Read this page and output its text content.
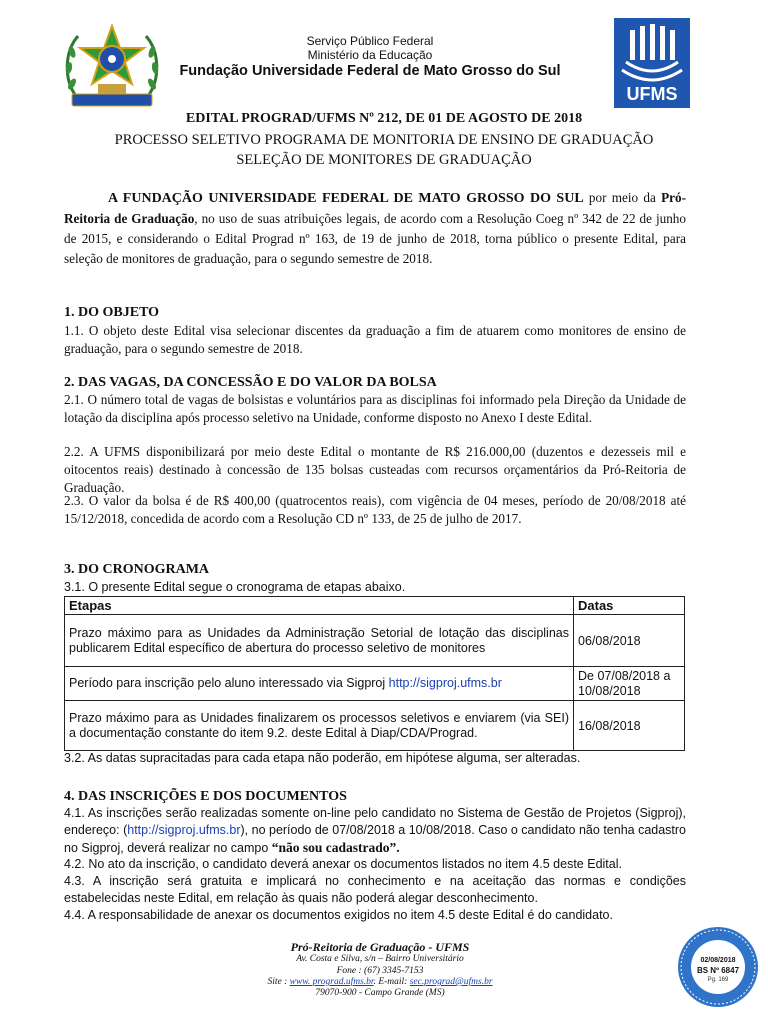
UFMS
Serviço Público Federal
Ministério da Educação
Fundação Universidade Federal de Mato Grosso do Sul
EDITAL PROGRAD/UFMS Nº 212, DE 01 DE AGOSTO DE 2018
PROCESSO SELETIVO PROGRAMA DE MONITORIA DE ENSINO DE GRADUAÇÃO
SELEÇÃO DE MONITORES DE GRADUAÇÃO

A FUNDAÇÃO UNIVERSIDADE FEDERAL DE MATO GROSSO DO SUL por meio da Pró-Reitoria de Graduação, no uso de suas atribuições legais, de acordo com a Resolução Coeg nº 342 de 22 de junho de 2015, e considerando o Edital Prograd nº 163, de 19 de junho de 2018, torna público o presente Edital, para seleção de monitores de graduação, para o segundo semestre de 2018.

1. DO OBJETO

1.1. O objeto deste Edital visa selecionar discentes da graduação a fim de atuarem como monitores de ensino de graduação, para o segundo semestre de 2018.

2. DAS VAGAS, DA CONCESSÃO E DO VALOR DA BOLSA

2.1. O número total de vagas de bolsistas e voluntários para as disciplinas foi informado pela Direção da Unidade de lotação da disciplina após processo seletivo na Unidade, conforme disposto no Anexo I deste Edital.

2.2. A UFMS disponibilizará por meio deste Edital o montante de R$ 216.000,00 (duzentos e dezesseis mil e oitocentos reais) destinado à concessão de 135 bolsas custeadas com recursos orçamentários da Pró-Reitoria de Graduação.

2.3. O valor da bolsa é de R$ 400,00 (quatrocentos reais), com vigência de 04 meses, período de 20/08/2018 até 15/12/2018, concedida de acordo com a Resolução CD nº 133, de 25 de julho de 2017.

3. DO CRONOGRAMA

3.1. O presente Edital segue o cronograma de etapas abaixo.

Etapas	Datas
Prazo máximo para as Unidades da Administração Setorial de lotação das disciplinas publicarem Edital específico de abertura do processo seletivo de monitores	06/08/2018
Período para inscrição pelo aluno interessado via Sigproj http://sigproj.ufms.br	De 07/08/2018 a 10/08/2018
Prazo máximo para as Unidades finalizarem os processos seletivos e enviarem (via SEI) a documentação constante do item 9.2. deste Edital à Diap/CDA/Prograd.	16/08/2018

3.2. As datas supracitadas para cada etapa não poderão, em hipótese alguma, ser alteradas.

4. DAS INSCRIÇÕES E DOS DOCUMENTOS

4.1. As inscrições serão realizadas somente on-line pelo candidato no Sistema de Gestão de Projetos (Sigproj), endereço: (http://sigproj.ufms.br), no período de 07/08/2018 a 10/08/2018. Caso o candidato não tenha cadastro no Sigproj, deverá realizar no campo “não sou cadastrado”.

4.2. No ato da inscrição, o candidato deverá anexar os documentos listados no item 4.5 deste Edital.

4.3. A inscrição será gratuita e implicará no conhecimento e na aceitação das normas e condições estabelecidas neste Edital, em relação às quais não poderá alegar desconhecimento.

4.4. A responsabilidade de anexar os documentos exigidos no item 4.5 deste Edital é do candidato.

Pró-Reitoria de Graduação - UFMS
Av. Costa e Silva, s/n – Bairro Universitário
Fone : (67) 3345-7153
Site : www. prograd.ufms.br. E-mail: sec.prograd@ufms.br
79070-900 - Campo Grande (MS)
02/08/2018
BS Nº 6847
Pg. 169
